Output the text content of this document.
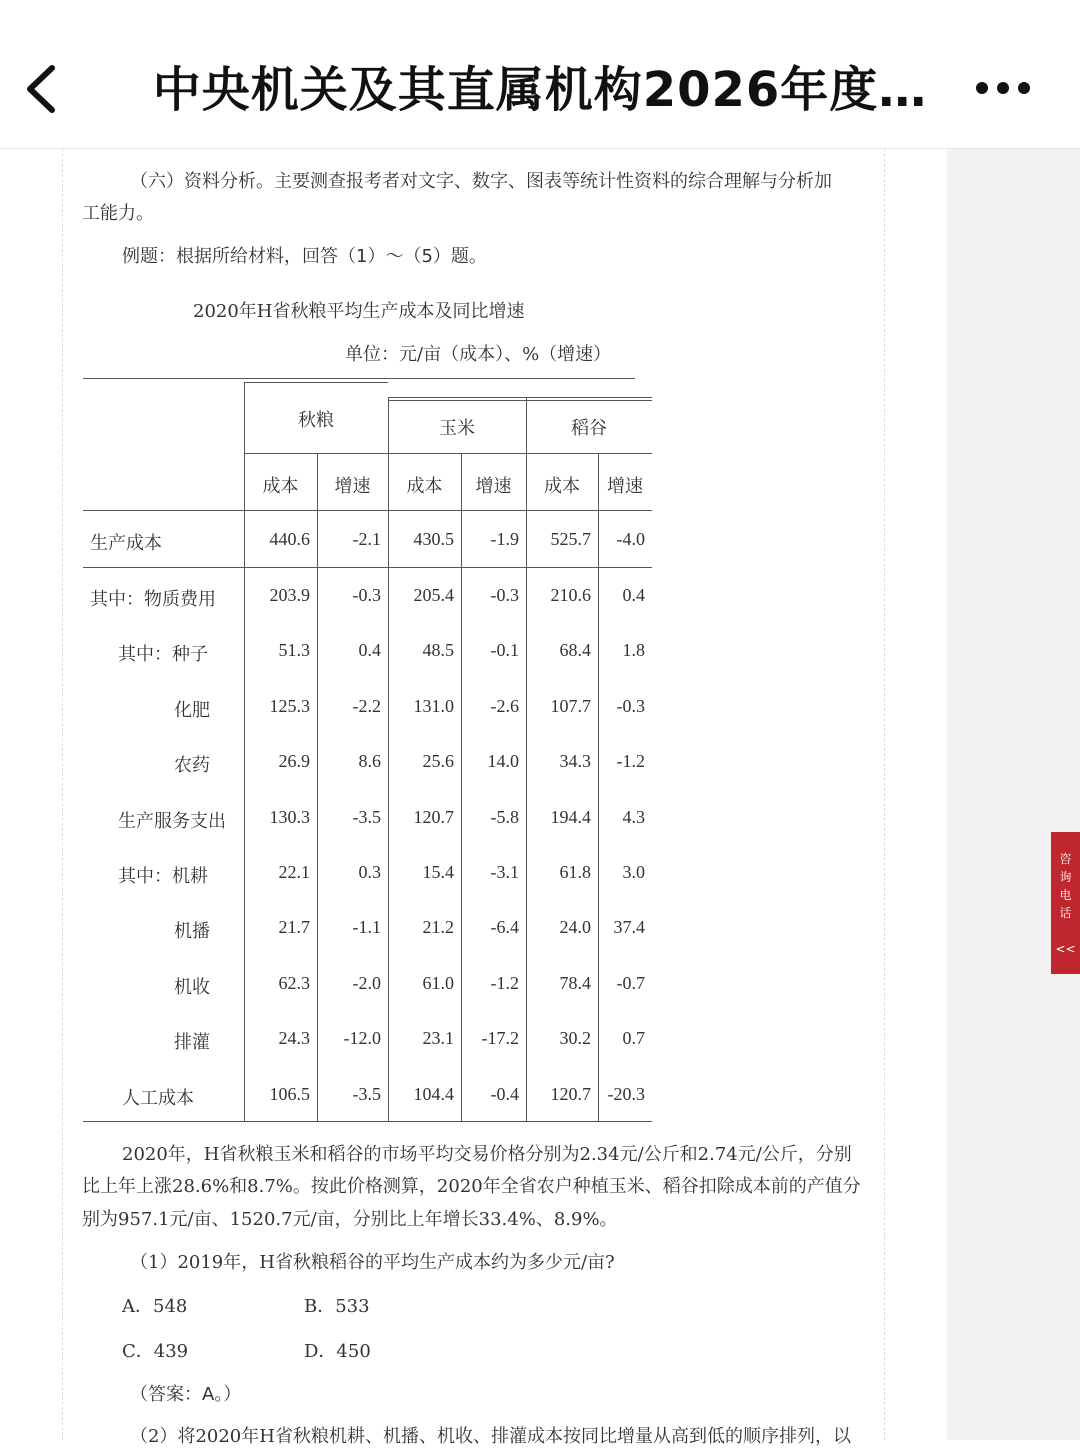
中央机关及其直属机构2026年度…
（六）资料分析。主要测查报考者对文字、数字、图表等统计性资料的综合理解与分析加
工能力。
例题：根据所给材料，回答（1）～（5）题。
2020年H省秋粮平均生产成本及同比增速
单位：元/亩（成本）、%（增速）
秋粮	玉米	稻谷
成本	增速	成本	增速	成本	增速
生产成本	440.6	-2.1	430.5	-1.9	525.7	-4.0
其中：物质费用	203.9	-0.3	205.4	-0.3	210.6	0.4
其中：种子	51.3	0.4	48.5	-0.1	68.4	1.8
化肥	125.3	-2.2	131.0	-2.6	107.7	-0.3
农药	26.9	8.6	25.6	14.0	34.3	-1.2
生产服务支出	130.3	-3.5	120.7	-5.8	194.4	4.3
其中：机耕	22.1	0.3	15.4	-3.1	61.8	3.0
机播	21.7	-1.1	21.2	-6.4	24.0	37.4
机收	62.3	-2.0	61.0	-1.2	78.4	-0.7
排灌	24.3	-12.0	23.1	-17.2	30.2	0.7
人工成本	106.5	-3.5	104.4	-0.4	120.7 -20.3
2020年，H省秋粮玉米和稻谷的市场平均交易价格分别为2.34元/公斤和2.74元/公斤，分别
比上年上涨28.6%和8.7%。按此价格测算，2020年全省农户种植玉米、稻谷扣除成本前的产值分
别为957.1元/亩、1520.7元/亩，分别比上年增长33.4%、8.9%。
（1）2019年，H省秋粮稻谷的平均生产成本约为多少元/亩?
A．548	B．533
C．439	D．450
（答案：A。）
（2）将2020年H省秋粮机耕、机播、机收、排灌成本按同比增量从高到低的顺序排列，以
咨
询
电
话
<<
